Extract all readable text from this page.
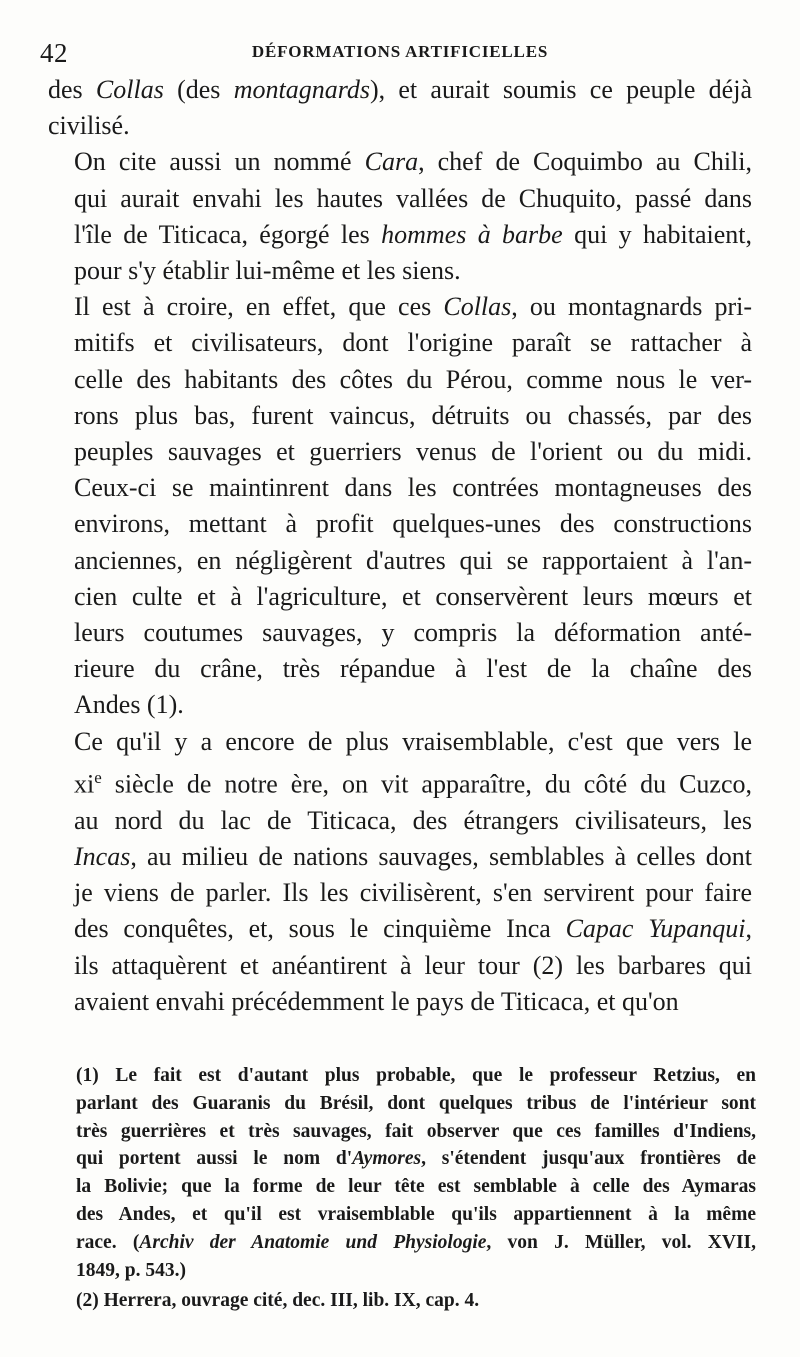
42	DÉFORMATIONS ARTIFICIELLES

des Collas (des montagnards), et aurait soumis ce peuple déjà
civilisé.

On cite aussi un nommé Cara, chef de Coquimbo au Chili,
qui aurait envahi les hautes vallées de Chuquito, passé dans
l'île de Titicaca, égorgé les hommes à barbe qui y habitaient,
pour s'y établir lui-même et les siens.

Il est à croire, en effet, que ces Collas, ou montagnards pri-
mitifs et civilisateurs, dont l'origine paraît se rattacher à
celle des habitants des côtes du Pérou, comme nous le ver-
rons plus bas, furent vaincus, détruits ou chassés, par des
peuples sauvages et guerriers venus de l'orient ou du midi.
Ceux-ci se maintinrent dans les contrées montagneuses des
environs, mettant à profit quelques-unes des constructions
anciennes, en négligèrent d'autres qui se rapportaient à l'an-
cien culte et à l'agriculture, et conservèrent leurs mœurs et
leurs coutumes sauvages, y compris la déformation anté-
rieure du crâne, très répandue à l'est de la chaîne des
Andes (1).

Ce qu'il y a encore de plus vraisemblable, c'est que vers le
$xi^e$ siècle de notre ère, on vit apparaître, du côté du Cuzco,
au nord du lac de Titicaca, des étrangers civilisateurs, les
Incas, au milieu de nations sauvages, semblables à celles dont
je viens de parler. Ils les civilisèrent, s'en servirent pour faire
des conquêtes, et, sous le cinquième Inca Capac Yupanqui,
ils attaquèrent et anéantirent à leur tour (2) les barbares qui
avaient envahi précédemment le pays de Titicaca, et qu'on

(1) Le fait est d'autant plus probable, que le professeur Retzius, en
parlant des Guaranis du Brésil, dont quelques tribus de l'intérieur sont
très guerrières et très sauvages, fait observer que ces familles d'Indiens,
qui portent aussi le nom d'Aymores, s'étendent jusqu'aux frontières de
la Bolivie; que la forme de leur tête est semblable à celle des Aymaras
des Andes, et qu'il est vraisemblable qu'ils appartiennent à la même
race. (Archiv der Anatomie und Physiologie, von J. Müller, vol. XVII,
1849, p. 543.)
(2) Herrera, ouvrage cité, dec. III, lib. IX, cap. 4.
